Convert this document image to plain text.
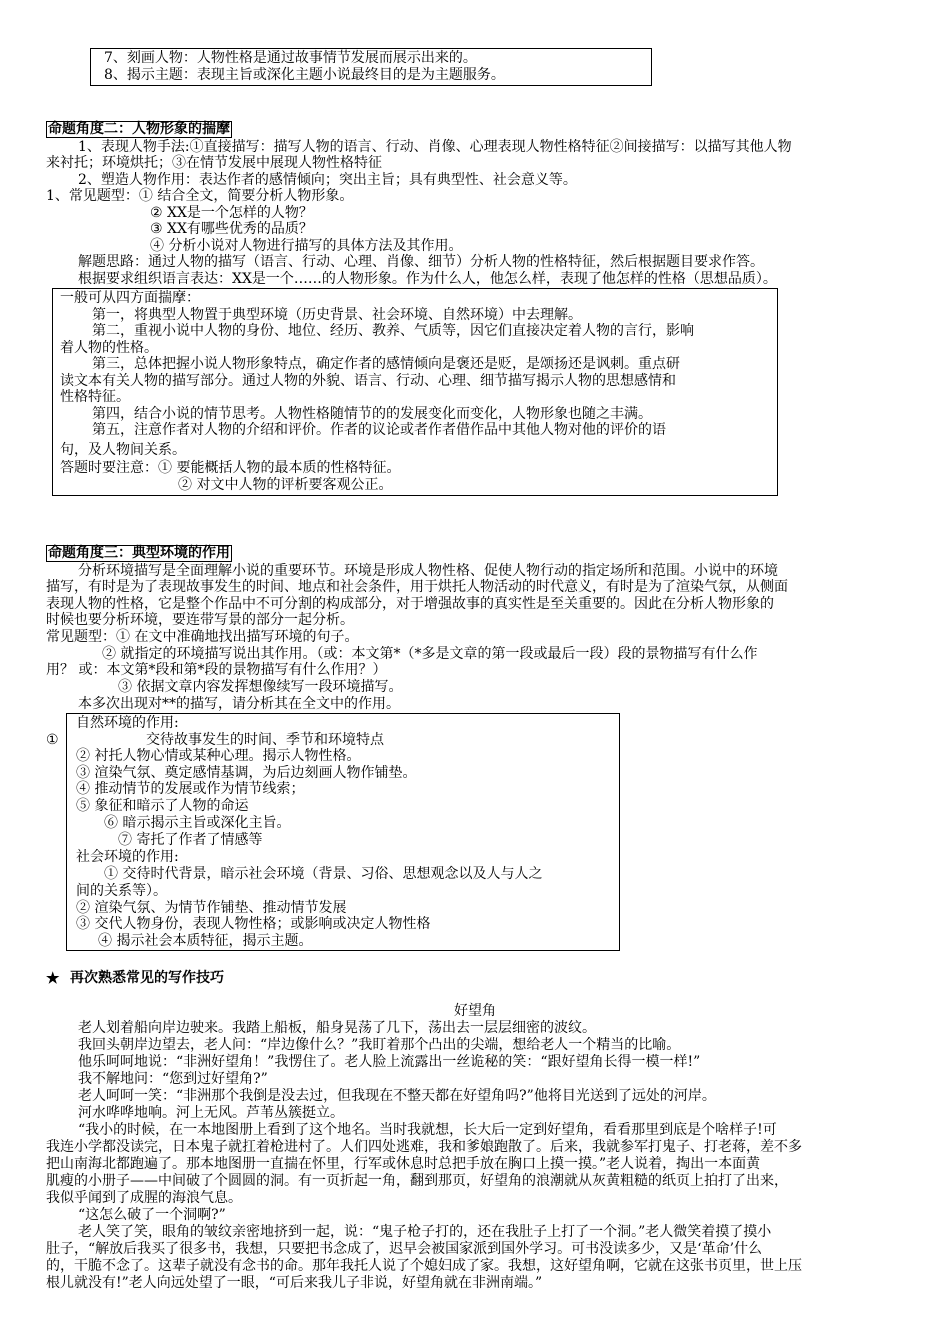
7、刻画人物：人物性格是通过故事情节发展而展示出来的。
8、揭示主题：表现主旨或深化主题小说最终目的是为主题服务。
命题角度二：人物形象的揣摩
1、表现人物手法:①直接描写：描写人物的语言、行动、肖像、心理表现人物性格特征②间接描写：以描写其他人物
来衬托；环境烘托；③在情节发展中展现人物性格特征
2、塑造人物作用：表达作者的感情倾向；突出主旨；具有典型性、社会意义等。
1、常见题型：① 结合全文，简要分析人物形象。
② XX是一个怎样的人物？
③ XX有哪些优秀的品质？
④ 分析小说对人物进行描写的具体方法及其作用。
解题思路：通过人物的描写（语言、行动、心理、肖像、细节）分析人物的性格特征，然后根据题目要求作答。
根据要求组织语言表达：XX是一个……的人物形象。作为什么人，他怎么样，表现了他怎样的性格（思想品质）。
一般可从四方面揣摩：
第一，将典型人物置于典型环境（历史背景、社会环境、自然环境）中去理解。
第二，重视小说中人物的身份、地位、经历、教养、气质等，因它们直接决定着人物的言行，影响
着人物的性格。
第三，总体把握小说人物形象特点，确定作者的感情倾向是褒还是贬，是颂扬还是讽刺。重点研
读文本有关人物的描写部分。通过人物的外貌、语言、行动、心理、细节描写揭示人物的思想感情和
性格特征。
第四，结合小说的情节思考。人物性格随情节的的发展变化而变化，人物形象也随之丰满。
第五，注意作者对人物的介绍和评价。作者的议论或者作者借作品中其他人物对他的评价的语
句，及人物间关系。
答题时要注意：① 要能概括人物的最本质的性格特征。
② 对文中人物的评析要客观公正。
命题角度三：典型环境的作用
分析环境描写是全面理解小说的重要环节。环境是形成人物性格、促使人物行动的指定场所和范围。小说中的环境
描写，有时是为了表现故事发生的时间、地点和社会条件，用于烘托人物活动的时代意义，有时是为了渲染气氛，从侧面
表现人物的性格，它是整个作品中不可分割的构成部分，对于增强故事的真实性是至关重要的。因此在分析人物形象的
时候也要分析环境，要连带写景的部分一起分析。
常见题型：① 在文中准确地找出描写环境的句子。
② 就指定的环境描写说出其作用。（或：本文第*（*多是文章的第一段或最后一段）段的景物描写有什么作
用？ 或：本文第*段和第*段的景物描写有什么作用？）
③ 依据文章内容发挥想像续写一段环境描写。
本多次出现对**的描写，请分析其在全文中的作用。
自然环境的作用:
①	交待故事发生的时间、季节和环境特点
② 衬托人物心情或某种心理。揭示人物性格。
③ 渲染气氛、奠定感情基调，为后边刻画人物作铺垫。
④ 推动情节的发展或作为情节线索；
⑤ 象征和暗示了人物的命运
⑥ 暗示揭示主旨或深化主旨。
⑦ 寄托了作者了情感等
社会环境的作用:
① 交待时代背景，暗示社会环境（背景、习俗、思想观念以及人与人之
间的关系等）。
② 渲染气氛、为情节作铺垫、推动情节发展
③ 交代人物身份，表现人物性格；或影响或决定人物性格
④ 揭示社会本质特征，揭示主题。
★ 再次熟悉常见的写作技巧
好望角
老人划着船向岸边驶来。我踏上船板，船身晃荡了几下，荡出去一层层细密的波纹。
我回头朝岸边望去，老人问：“岸边像什么？”我盯着那个凸出的尖端，想给老人一个精当的比喻。
他乐呵呵地说：“非洲好望角！”我愣住了。老人脸上流露出一丝诡秘的笑：“跟好望角长得一模一样!”
我不解地问：“您到过好望角?”
老人呵呵一笑：“非洲那个我倒是没去过，但我现在不整天都在好望角吗?”他将目光送到了远处的河岸。
河水哗哗地响。河上无风。芦苇丛簇挺立。
“我小的时候，在一本地图册上看到了这个地名。当时我就想，长大后一定到好望角，看看那里到底是个啥样子!可
我连小学都没读完，日本鬼子就扛着枪进村了。人们四处逃难，我和爹娘跑散了。后来，我就参军打鬼子、打老蒋，差不多
把山南海北都跑遍了。那本地图册一直揣在怀里，行军或休息时总把手放在胸口上摸一摸。”老人说着，掏出一本面黄
肌瘦的小册子——中间破了个圆圆的洞。有一页折起一角，翻到那页，好望角的浪潮就从灰黄粗糙的纸页上拍打了出来，
我似乎闻到了成腥的海浪气息。
“这怎么破了一个洞啊?”
老人笑了笑，眼角的皱纹亲密地挤到一起，说：“鬼子枪子打的，还在我肚子上打了一个洞。”老人微笑着摸了摸小
肚子，“解放后我买了很多书，我想，只要把书念成了，迟早会被国家派到国外学习。可书没读多少，又是‘革命’什么
的，干脆不念了。这辈子就没有念书的命。那年我托人说了个媳妇成了家。我想，这好望角啊，它就在这张书页里，世上压
根儿就没有!”老人向远处望了一眼，“可后来我儿子非说，好望角就在非洲南端。”
